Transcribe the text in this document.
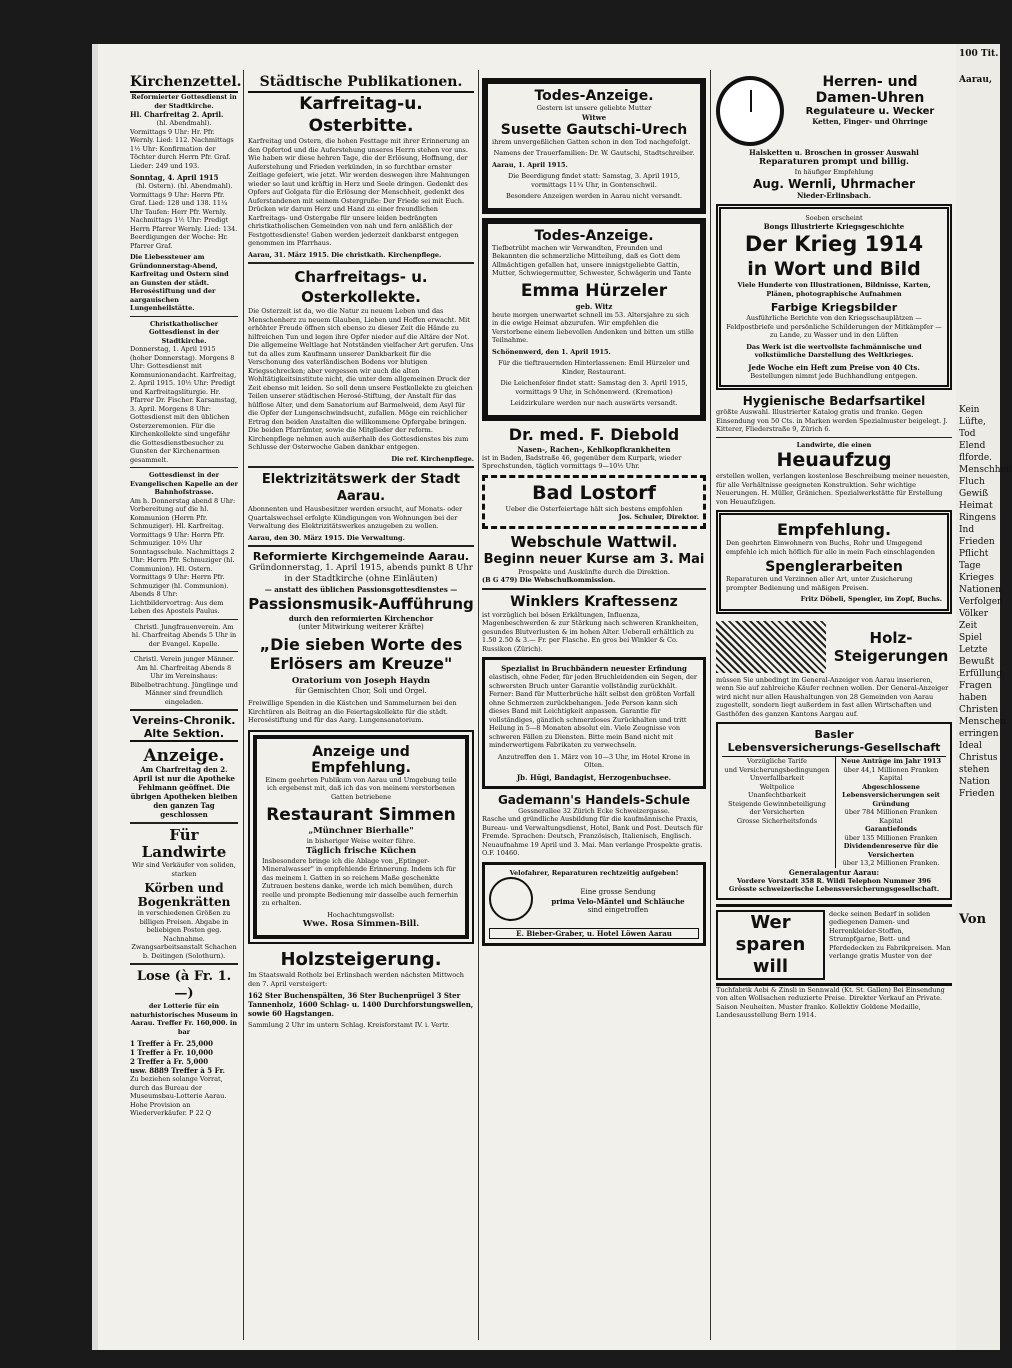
Kirchenzettel.
Reformierter Gottesdienst in der Stadtkirche.
Hl. Charfreitag 2. April.
(hl. Abendmahl).

Vormittags 9 Uhr: Hr. Pfr. Wernly. Lied: 112. Nachmittags 1½ Uhr: Konfirmation der Töchter durch Herrn Pfr. Graf. Lieder: 249 und 193.

Sonntag, 4. April 1915
(hl. Ostern). (hl. Abendmahl).

Vormittags 9 Uhr: Herrn Pfr. Graf. Lied: 128 und 138. 11¼ Uhr Taufen: Herr Pfr. Wernly. Nachmittags 1½ Uhr: Predigt Herrn Pfarrer Wernly. Lied: 134. Beerdigungen der Woche: Hr. Pfarrer Graf.

Die Liebessteuer am Gründonnerstag-Abend, Karfreitag und Ostern sind an Gunsten der städt. Heroséstiftung und der aargauischen Lungenheilstätte.

Christkatholischer Gottesdienst in der Stadtkirche.

Donnerstag, 1. April 1915 (hoher Donnerstag). Morgens 8 Uhr: Gottesdienst mit Kommunionandacht. Karfreitag, 2. April 1915. 10½ Uhr: Predigt und Karfreitagsliturgie. Hr. Pfarrer Dr. Fischer. Karsamstag, 3. April. Morgens 8 Uhr: Gottesdienst mit den üblichen Osterzeremonien. Für die Kirchenkollekte sind ungefähr die Gottesdienstbesucher zu Gunsten der Kirchenarmen gesammelt.

Gottesdienst in der Evangelischen Kapelle an der Bahnhofstrasse.

Am h. Donnerstag abend 8 Uhr: Vorbereitung auf die hl. Kommunion (Herrn Pfr. Schmuziger). Hl. Karfreitag. Vormittags 9 Uhr: Herrn Pfr. Schmuziger. 10½ Uhr Sonntagsschule. Nachmittags 2 Uhr: Herrn Pfr. Schmuziger (hl. Communion). Hl. Ostern. Vormittags 9 Uhr: Herrn Pfr. Schmuziger (hl. Communion). Abends 8 Uhr: Lichtbildervortrag: Aus dem Leben des Apostels Paulus.

Christl. Jungfrauenverein. Am hl. Charfreitag Abends 5 Uhr in der Evangel. Kapelle.

Christl. Verein junger Männer. Am hl. Charfreitag Abends 8 Uhr im Vereinshaus: Bibelbetrachtung. Jünglinge und Männer sind freundlich eingeladen.

Vereins-Chronik.
Alte Sektion.
Anzeige.

Am Charfreitag den 2. April ist nur die Apotheke Fehlmann geöffnet. Die übrigen Apotheken bleiben den ganzen Tag geschlossen

Für Landwirte

Wir sind Verkäufer von soliden, starken

Körben und Bogenkrätten

in verschiedenen Größen zu billigen Preisen. Abgabe in beliebigen Posten geg. Nachnahme. Zwangsarbeitsanstalt Schachen b. Deitingen (Solothurn).

Lose (à Fr. 1.—)

der Lotterie für ein naturhistorisches Museum in Aarau. Treffer Fr. 160,000. in bar

1 Treffer à Fr. 25,000
1 Treffer à Fr. 10,000
2 Treffer à Fr. 5,000
usw. 8889 Treffer à 5 Fr.

Zu beziehen solange Vorrat, durch das Bureau der Museumsbau-Lotterie Aarau. Hohe Provision an Wiederverkäufer. P 22 Q

Städtische Publikationen.
Karfreitag-u. Osterbitte.

Karfreitag und Ostern, die hohen Festtage mit ihrer Erinnerung an den Opfertod und die Auferstehung unseres Herrn stehen vor uns. Wie haben wir diese hehren Tage, die der Erlösung, Hoffnung, der Auferstehung und Frieden verkünden, in so furchtbar ernster Zeitlage gefeiert, wie jetzt. Wir werden deswegen ihre Mahnungen wieder so laut und kräftig in Herz und Seele dringen. Gedenkt des Opfers auf Golgata für die Erlösung der Menschheit, gedenkt des Auferstandenen mit seinem Ostergruße: Der Friede sei mit Euch. Drücken wir darum Herz und Hand zu einer freundlichen Karfreitags- und Ostergabe für unsere leiden bedrängten christkatholischen Gemeinden von nah und fern anläßlich der Festgottesdienste! Gaben werden jederzeit dankbarst entgegen genommen im Pfarrhaus.

Aarau, 31. März 1915. Die christkath. Kirchenpflege.

Charfreitags- u. Osterkollekte.

Die Osterzeit ist da, wo die Natur zu neuem Leben und das Menschenherz zu neuem Glauben, Lieben und Hoffen erwacht. Mit erhöhter Freude öffnen sich ebenso zu dieser Zeit die Hände zu hilfreichen Tun und legen ihre Opfer nieder auf die Altäre der Not. Die allgemeine Weltlage hat Notständen vielfacher Art gerufen. Uns tut da alles zum Kaufmann unserer Dankbarkeit für die Verschonung des vaterländischen Bodens vor blutigen Kriegsschrecken; aber vergessen wir auch die alten Wohltätigkeitsinstitute nicht, die unter dem allgemeinen Druck der Zeit ebenso mit leiden. So soll denn unsere Festkollekte zu gleichen Teilen unserer städtischen Herosé-Stiftung, der Anstalt für das hülflose Alter, und dem Sanatorium auf Barmelweid, dem Asyl für die Opfer der Lungenschwindsucht, zufallen. Möge ein reichlicher Ertrag den beiden Anstalten die willkommene Opfergabe bringen. Die beiden Pfarrämter, sowie die Mitglieder der reform. Kirchenpflege nehmen auch außerhalb des Gottesdienstes bis zum Schlusse der Osterwoche Gaben dankbar entgegen.

Die ref. Kirchenpflege.

Elektrizitätswerk der Stadt Aarau.

Abonnenten und Hausbesitzer werden ersucht, auf Monats- oder Quartalswechsel erfolgte Kündigungen von Wohnungen bei der Verwaltung des Elektrizitätswerkes anzugeben zu wollen.

Aarau, den 30. März 1915. Die Verwaltung.

Reformierte Kirchgemeinde Aarau.
Gründonnerstag, 1. April 1915, abends punkt 8 Uhr
in der Stadtkirche (ohne Einläuten)
— anstatt des üblichen Passionsgottesdienstes —
Passionsmusik-Aufführung
durch den reformierten Kirchenchor
(unter Mitwirkung weiterer Kräfte)
„Die sieben Worte des Erlösers am Kreuze"
Oratorium von Joseph Haydn
für Gemischten Chor, Soli und Orgel.

Freiwillige Spenden in die Kästchen und Sammelurnen bei den Kirchtüren als Beitrag an die Feiertagskollekte für die städt. Heroséstiftung und für das Aarg. Lungensanatorium.

Anzeige und Empfehlung.

Einem geehrten Publikum von Aarau und Umgebung teile ich ergebenst mit, daß ich das von meinem verstorbenen Gatten betriebene

Restaurant Simmen
„Münchner Bierhalle"
in bisheriger Weise weiter führe.
Täglich frische Küchen

Insbesondere bringe ich die Ablage von „Eptinger-Mineralwasser" in empfehlende Erinnerung. Indem ich für das meinem l. Gatten in so reichem Maße geschenkte Zutrauen bestens danke, werde ich mich bemühen, durch reelle und prompte Bedienung mir dasselbe auch fernerhin zu erhalten.

Hochachtungsvollst:
Wwe. Rosa Simmen-Bill.
Holzsteigerung.

Im Staatswald Rotholz bei Erlinsbach werden nächsten Mittwoch den 7. April versteigert:

162 Ster Buchenspälten, 36 Ster Buchenprügel 3 Ster Tannenholz, 1600 Schlag- u. 1400 Durchforstungswellen, sowie 60 Hagstangen.

Sammlung 2 Uhr im untern Schlag. Kreisforstamt IV. i. Vertr.

Todes-Anzeige.
Gestern ist unsere geliebte Mutter
Witwe
Susette Gautschi-Urech

ihrem unvergeßlichen Gatten schon in den Tod nachgefolgt.

Namens der Trauerfamilien: Dr. W. Gautschi, Stadtschreiber.

Aarau, 1. April 1915.

Die Beerdigung findet statt: Samstag, 3. April 1915, vormittags 11¼ Uhr, in Gontenschwil.

Besondere Anzeigen werden in Aarau nicht versandt.

Todes-Anzeige.

Tiefbetrübt machen wir Verwandten, Freunden und Bekannten die schmerzliche Mitteilung, daß es Gott dem Allmächtigen gefallen hat, unsere innigstgeliebte Gattin, Mutter, Schwiegermutter, Schwester, Schwägerin und Tante

Emma Hürzeler
geb. Witz

heute morgen unerwartet schnell im 53. Altersjahre zu sich in die ewige Heimat abzurufen. Wir empfehlen die Verstorbene einem liebevollen Andenken und bitten um stille Teilnahme.

Schönenwerd, den 1. April 1915.

Für die tieftrauernden Hinterlassenen: Emil Hürzeler und Kinder, Restaurant.

Die Leichenfeier findet statt: Samstag den 3. April 1915, vormittags 9 Uhr, in Schönenwerd. (Kremation)

Leidzirkulare werden nur nach auswärts versandt.

Dr. med. F. Diebold
Nasen-, Rachen-, Kehlkopfkrankheiten

ist in Baden, Badstraße 46, gegenüber dem Kurpark, wieder Sprechstunden, täglich vormittags 9—10½ Uhr.

Bad Lostorf
Ueber die Osterfeiertage hält sich bestens empfohlen
Jos. Schuler, Direktor.
Webschule Wattwil.
Beginn neuer Kurse am 3. Mai
Prospekte und Auskünfte durch die Direktion.
(B G 479) Die Webschulkommission.
Winklers Kraftessenz

ist vorzüglich bei bösen Erkältungen, Influenza, Magenbeschwerden & zur Stärkung nach schweren Krankheiten, gesundes Blutverlusten & im hohen Alter. Ueberall erhältlich zu 1.50 2.50 & 3.— Fr. per Flasche. En gros bei Winkler & Co. Russikon (Zürich).

Spezialist in Bruchbändern neuester Erfindung

elastisch, ohne Feder, für jeden Bruchleidenden ein Segen, der schwersten Bruch unter Garantie vollständig zurückhält. Ferner: Band für Mutterbrüche hält selbst den größten Vorfall ohne Schmerzen zurückbehangen. Jede Person kann sich dieses Band mit Leichtigkeit anpassen. Garantie für vollständiges, gänzlich schmerzloses Zurückhalten und tritt Heilung in 5—8 Monaten absolut ein. Viele Zeugnisse von schweren Fällen zu Diensten. Bitte mein Band nicht mit minderwertigem Fabrikaten zu verwechseln.

Anzutreffen den 1. März von 10—3 Uhr, im Hotel Krone in Olten.

Jb. Hügi, Bandagist, Herzogenbuchsee.
Gademann's Handels-Schule
Gessnerallee 32 Zürich Ecke Schweizergasse.

Rasche und gründliche Ausbildung für die kaufmännische Praxis, Bureau- und Verwaltungsdienst, Hotel, Bank und Post. Deutsch für Fremde. Sprachen: Deutsch, Französisch, Italienisch, Englisch. Neuaufnahme 19 April und 3. Mai. Man verlange Prospekte gratis. O.F. 10460.

Velofahrer, Reparaturen rechtzeitig aufgeben!
Eine grosse Sendung
prima Velo-Mäntel und Schläuche
sind eingetroffen
E. Bieber-Graber, u. Hotel Löwen Aarau
Herren- und
Damen-Uhren
Regulateure u. Wecker
Ketten, Finger- und Ohrringe
Halsketten u. Broschen in grosser Auswahl
Reparaturen prompt und billig.
In häufiger Empfehlung
Aug. Wernli, Uhrmacher
Nieder-Erlinsbach.
Soeben erscheint
Bongs Illustrierte Kriegsgeschichte
Der Krieg 1914
in Wort und Bild

Viele Hunderte von Illustrationen, Bildnisse, Karten, Plänen, photographische Aufnahmen

Farbige Kriegsbilder

Ausführliche Berichte von den Kriegsschauplätzen — Feldpostbriefe und persönliche Schilderungen der Mitkämpfer — zu Lande, zu Wasser und in den Lüften

Das Werk ist die wertvollste fachmännische und volkstümliche Darstellung des Weltkrieges.

Jede Woche ein Heft zum Preise von 40 Cts.
Bestellungen nimmt jede Buchhandlung entgegen.
Hygienische Bedarfsartikel

größte Auswahl. Illustrierter Katalog gratis und franko. Gegen Einsendung von 50 Cts. in Marken werden Spezialmuster beigelegt. J. Kitterer, Fliederstraße 9, Zürich 6.

Landwirte, die einen
Heuaufzug

erstellen wollen, verlangen kostenlose Beschreibung meiner neuesten, für alle Verhältnisse geeigneten Konstruktion. Sehr wichtige Neuerungen. H. Müller, Gränichen. Spezialwerkstätte für Erstellung von Heuaufzügen.

Empfehlung.

Den geehrten Einwohnern von Buchs, Rohr und Umgegend empfehle ich mich höflich für alle in mein Fach einschlagenden

Spenglerarbeiten

Reparaturen und Verzinnen aller Art, unter Zusicherung prompter Bedienung und mäßigen Preisen.

Fritz Döbeli, Spengler, im Zopf, Buchs.
Holz-
Steigerungen

müssen Sie unbedingt im General-Anzeiger von Aarau inserieren, wenn Sie auf zahlreiche Käufer rechnen wollen. Der General-Anzeiger wird nicht nur allen Haushaltungen von 28 Gemeinden von Aarau zugestellt, sondern liegt außerdem in fast allen Wirtschaften und Gasthöfen des ganzen Kantons Aargau auf.

Basler
Lebensversicherungs-Gesellschaft
Vorzügliche Tarife
und Versicherungsbedingungen
Unverfallbarkeit
Weltpolice
Unanfechtbarkeit
Steigende Gewinnbeteiligung der Versicherten
Grosse Sicherheitsfonds
Neue Anträge im Jahr 1913
über 44,1 Millionen Franken Kapital
Abgeschlossene Lebensversicherungen seit Gründung
über 784 Millionen Franken Kapital
Garantiefonds
über 135 Millionen Franken
Dividendenreserve für die Versicherten
über 13,2 Millionen Franken.
Generalagentur Aarau:
Vordere Vorstadt 358 R. Wildi Telephon Nummer 396
Grösste schweizerische Lebensversicherungsgesellschaft.
Wer sparen will

decke seinen Bedarf in soliden gediegenen Damen- und Herrenkleider-Stoffen, Strumpfgarne, Bett- und Pferdedecken zu Fabrikpreisen. Man verlange gratis Muster von der

Tuchfabrik Aebi & Zinsli in Sennwald (Kt. St. Gallen) Bei Einsendung von alten Wollsachen reduzierte Preise. Direkter Verkauf an Private. Saison Neuheiten. Muster franko. Kollektiv Goldene Medaille, Landesausstellung Bern 1914.

100 Tit.
Aarau,
Kein
Lüfte,
Tod
Elend
flforde.
Menschheit
Fluch
Gewiß
Heimat
Ringens
Ind
Frieden
Pflicht
Tage
Krieges
Nationen
Verfolgen
Völker
Zeit
Spiel
Letzte
Bewußt
Erfüllung
Fragen
haben
Christen
Menschen
erringen
Ideal
Christus
stehen
Nation
Frieden
Von
